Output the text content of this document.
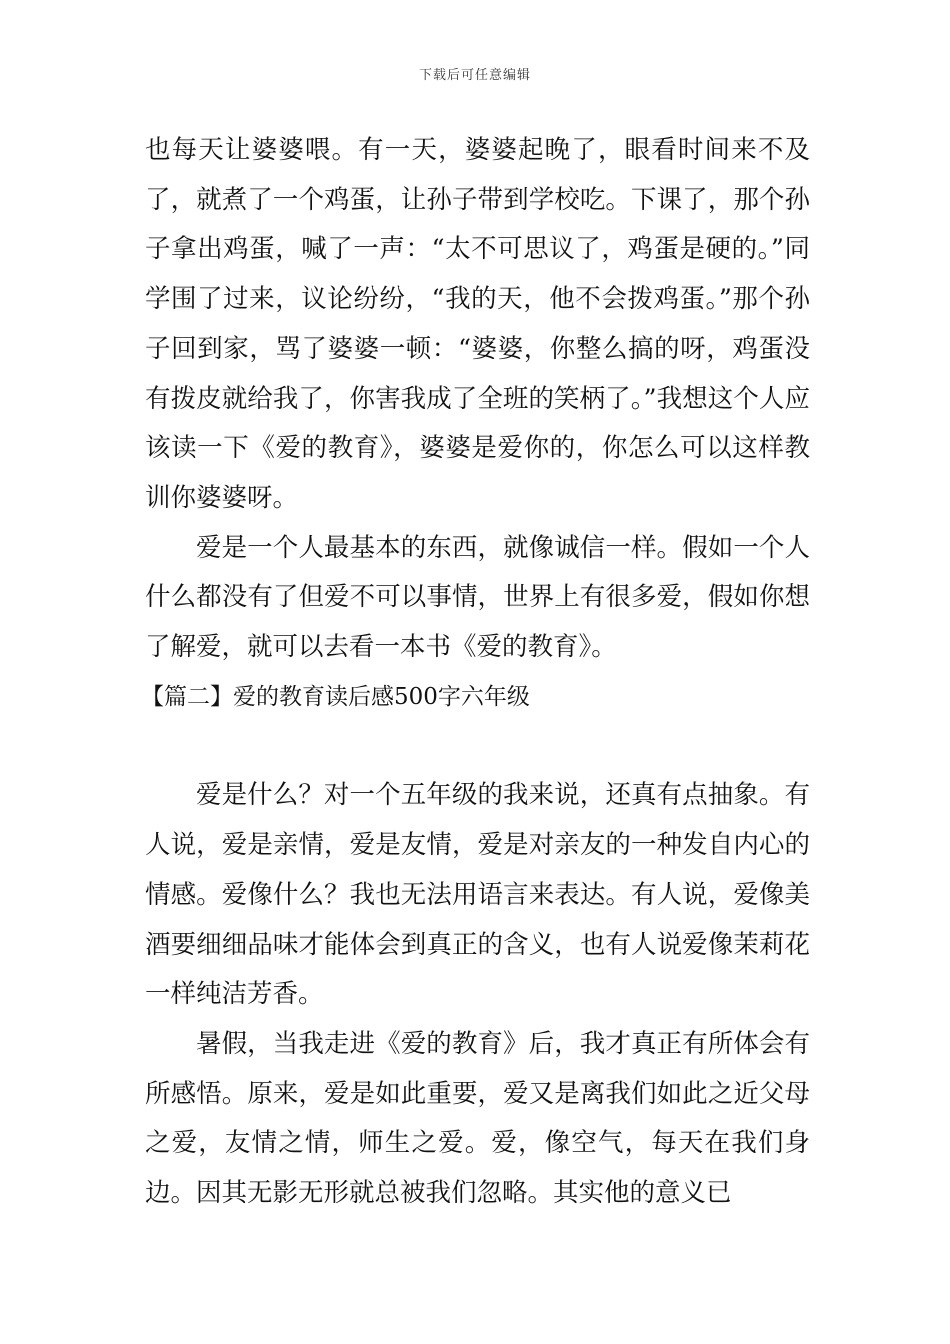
下载后可任意编辑

也每天让婆婆喂。有一天，婆婆起晚了，眼看时间来不及了，就煮了一个鸡蛋，让孙子带到学校吃。下课了，那个孙子拿出鸡蛋，喊了一声：“太不可思议了，鸡蛋是硬的。”同学围了过来，议论纷纷，“我的天，他不会拨鸡蛋。”那个孙子回到家，骂了婆婆一顿：“婆婆，你整么搞的呀，鸡蛋没有拨皮就给我了，你害我成了全班的笑柄了。”我想这个人应该读一下《爱的教育》，婆婆是爱你的，你怎么可以这样教训你婆婆呀。

爱是一个人最基本的东西，就像诚信一样。假如一个人什么都没有了但爱不可以事情，世界上有很多爱，假如你想了解爱，就可以去看一本书《爱的教育》。

【篇二】爱的教育读后感500字六年级

爱是什么？对一个五年级的我来说，还真有点抽象。有人说，爱是亲情，爱是友情，爱是对亲友的一种发自内心的情感。爱像什么？我也无法用语言来表达。有人说，爱像美酒要细细品味才能体会到真正的含义，也有人说爱像茉莉花一样纯洁芳香。

暑假，当我走进《爱的教育》后，我才真正有所体会有所感悟。原来，爱是如此重要，爱又是离我们如此之近父母之爱，友情之情，师生之爱。爱，像空气，每天在我们身边。因其无影无形就总被我们忽略。其实他的意义已
